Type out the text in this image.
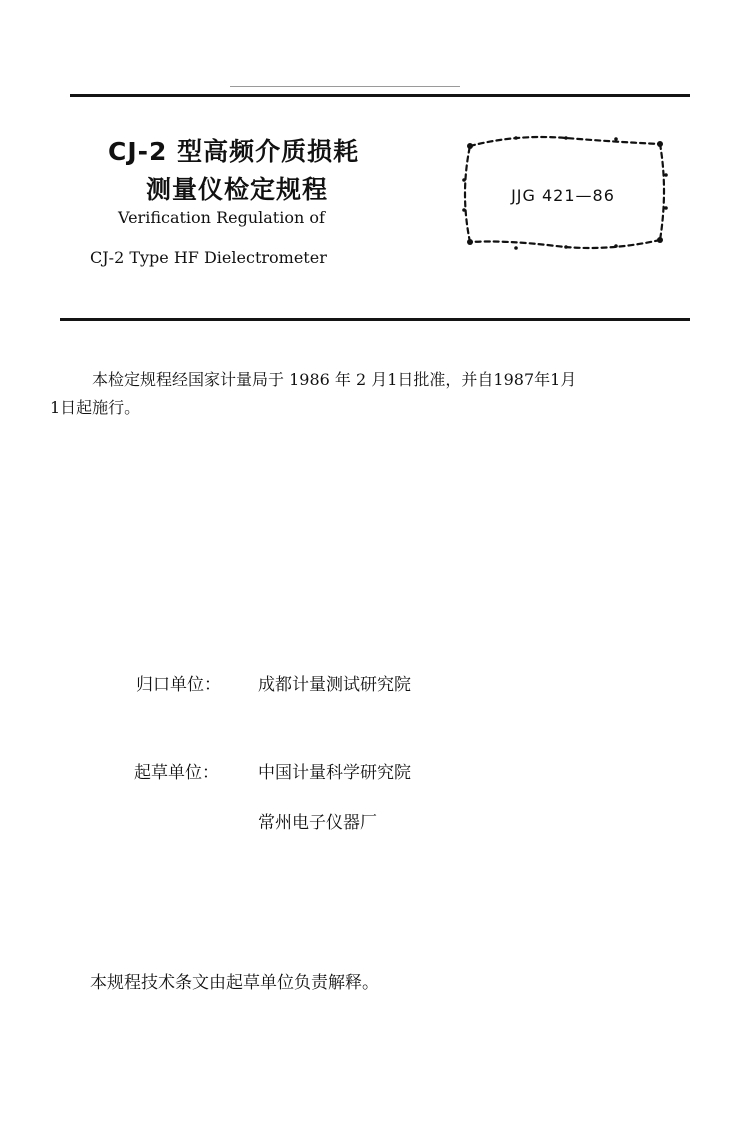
CJ-2 型高频介质损耗
测量仪检定规程
Verification Regulation of
CJ-2 Type HF Dielectrometer
JJG 421—86
本检定规程经国家计量局于 1986 年 2 月1日批准，并自1987年1月
1日起施行。
归口单位： 成都计量测试研究院
起草单位： 中国计量科学研究院
常州电子仪器厂
本规程技术条文由起草单位负责解释。
